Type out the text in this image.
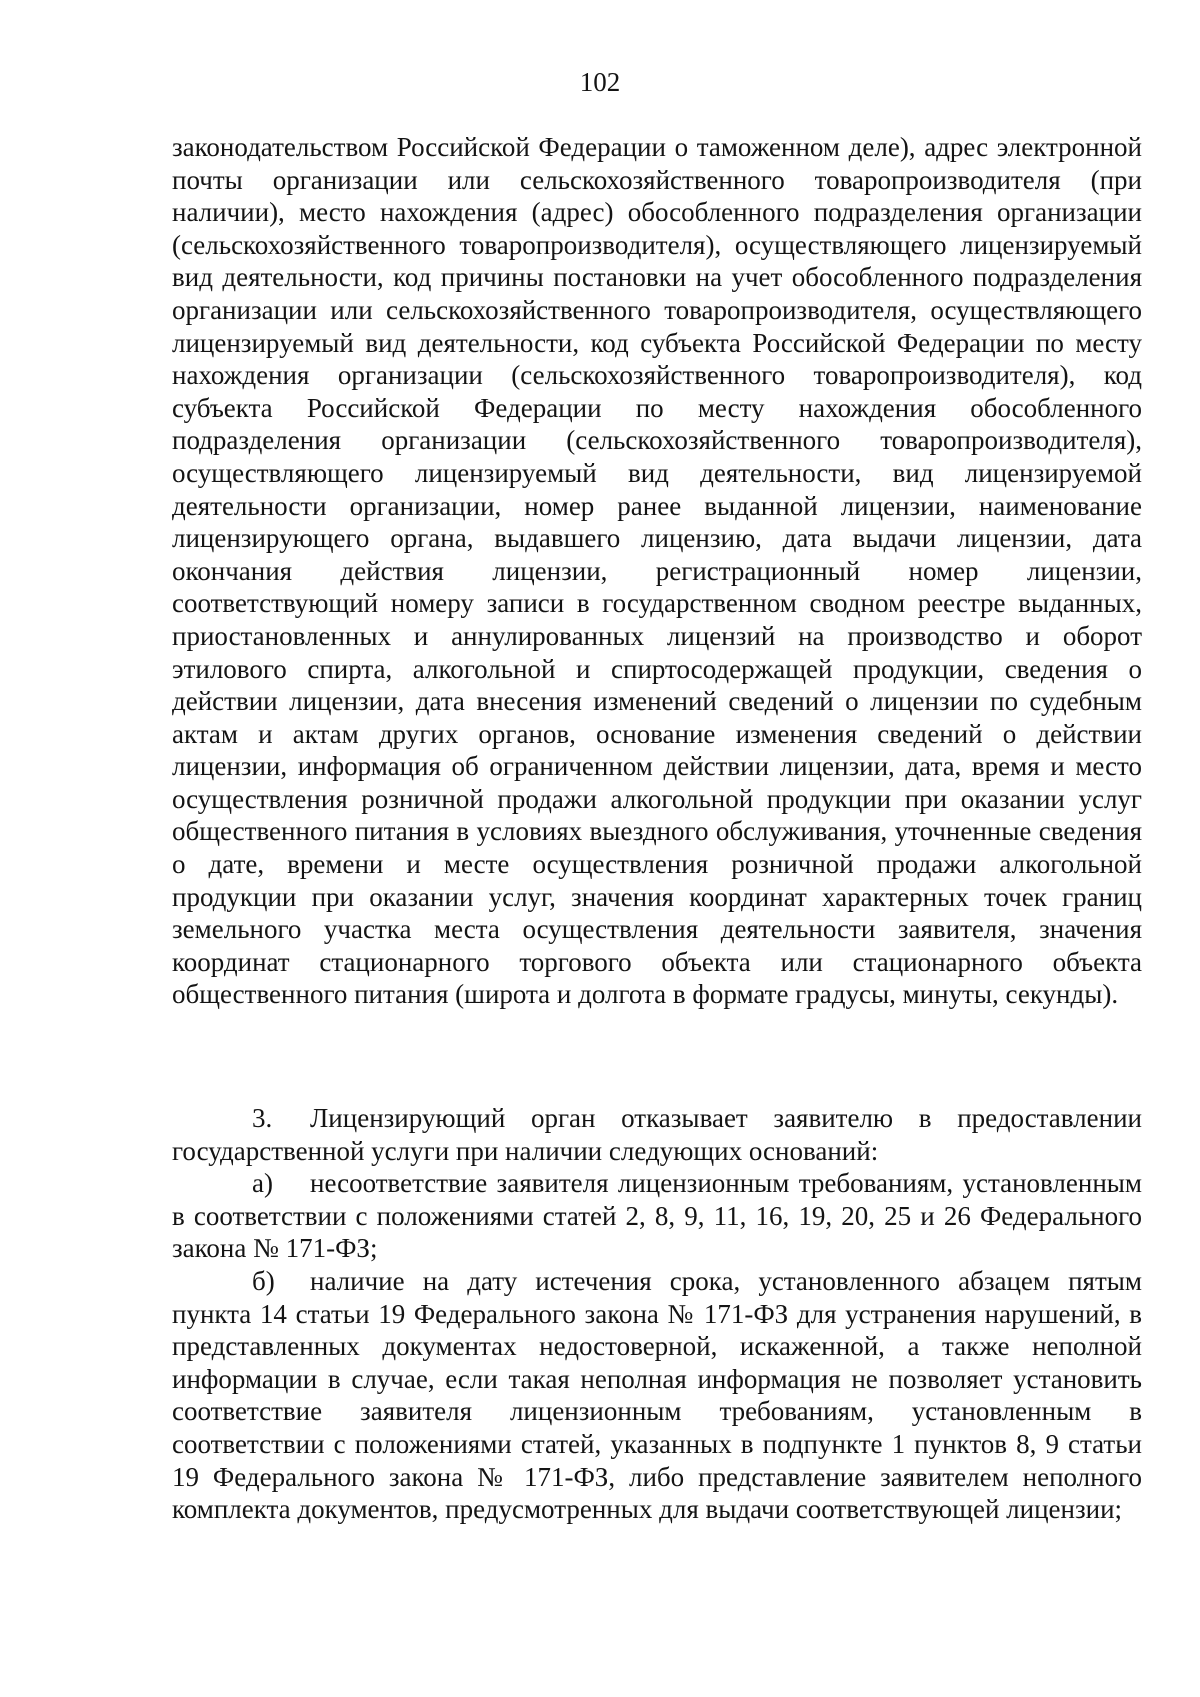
102

законодательством Российской Федерации о таможенном деле), адрес электронной почты организации или сельскохозяйственного товаропроизводителя (при наличии), место нахождения (адрес) обособленного подразделения организации (сельскохозяйственного товаропроизводителя), осуществляющего лицензируемый вид деятельности, код причины постановки на учет обособленного подразделения организации или сельскохозяйственного товаропроизводителя, осуществляющего лицензируемый вид деятельности, код субъекта Российской Федерации по месту нахождения организации (сельскохозяйственного товаропроизводителя), код субъекта Российской Федерации по месту нахождения обособленного подразделения организации (сельскохозяйственного товаропроизводителя), осуществляющего лицензируемый вид деятельности, вид лицензируемой деятельности организации, номер ранее выданной лицензии, наименование лицензирующего органа, выдавшего лицензию, дата выдачи лицензии, дата окончания действия лицензии, регистрационный номер лицензии, соответствующий номеру записи в государственном сводном реестре выданных, приостановленных и аннулированных лицензий на производство и оборот этилового спирта, алкогольной и спиртосодержащей продукции, сведения о действии лицензии, дата внесения изменений сведений о лицензии по судебным актам и актам других органов, основание изменения сведений о действии лицензии, информация об ограниченном действии лицензии, дата, время и место осуществления розничной продажи алкогольной продукции при оказании услуг общественного питания в условиях выездного обслуживания, уточненные сведения о дате, времени и месте осуществления розничной продажи алкогольной продукции при оказании услуг, значения координат характерных точек границ земельного участка места осуществления деятельности заявителя, значения координат стационарного торгового объекта или стационарного объекта общественного питания (широта и долгота в формате градусы, минуты, секунды).

3. Лицензирующий орган отказывает заявителю в предоставлении государственной услуги при наличии следующих оснований:

а) несоответствие заявителя лицензионным требованиям, установленным в соответствии с положениями статей 2, 8, 9, 11, 16, 19, 20, 25 и 26 Федерального закона № 171-ФЗ;

б) наличие на дату истечения срока, установленного абзацем пятым пункта 14 статьи 19 Федерального закона № 171-ФЗ для устранения нарушений, в представленных документах недостоверной, искаженной, а также неполной информации в случае, если такая неполная информация не позволяет установить соответствие заявителя лицензионным требованиям, установленным в соответствии с положениями статей, указанных в подпункте 1 пунктов 8, 9 статьи 19 Федерального закона № 171-ФЗ, либо представление заявителем неполного комплекта документов, предусмотренных для выдачи соответствующей лицензии;
